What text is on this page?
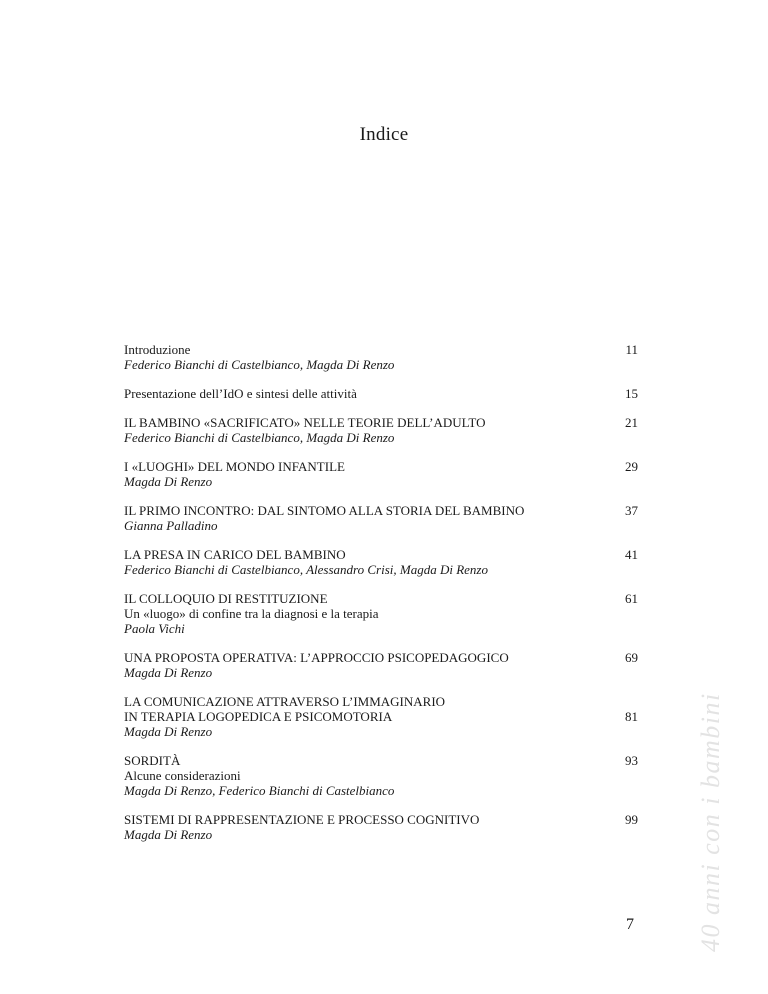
Indice
Introduzione
Federico Bianchi di Castelbianco, Magda Di Renzo
11
Presentazione dell’IdO e sintesi delle attività	15
IL BAMBINO «SACRIFICATO» NELLE TEORIE DELL’ADULTO
Federico Bianchi di Castelbianco, Magda Di Renzo
21
I «LUOGHI» DEL MONDO INFANTILE
Magda Di Renzo
29
IL PRIMO INCONTRO: DAL SINTOMO ALLA STORIA DEL BAMBINO
Gianna Palladino
37
LA PRESA IN CARICO DEL BAMBINO
Federico Bianchi di Castelbianco, Alessandro Crisi, Magda Di Renzo
41
IL COLLOQUIO DI RESTITUZIONE
Un «luogo» di confine tra la diagnosi e la terapia
Paola Vichi
61
UNA PROPOSTA OPERATIVA: L’APPROCCIO PSICOPEDAGOGICO
Magda Di Renzo
69
LA COMUNICAZIONE ATTRAVERSO L’IMMAGINARIO
IN TERAPIA LOGOPEDICA E PSICOMOTORIA
Magda Di Renzo
81
SORDITÀ
Alcune considerazioni
Magda Di Renzo, Federico Bianchi di Castelbianco
93
SISTEMI DI RAPPRESENTAZIONE E PROCESSO COGNITIVO
Magda Di Renzo
99
7 40 anni con i bambini
